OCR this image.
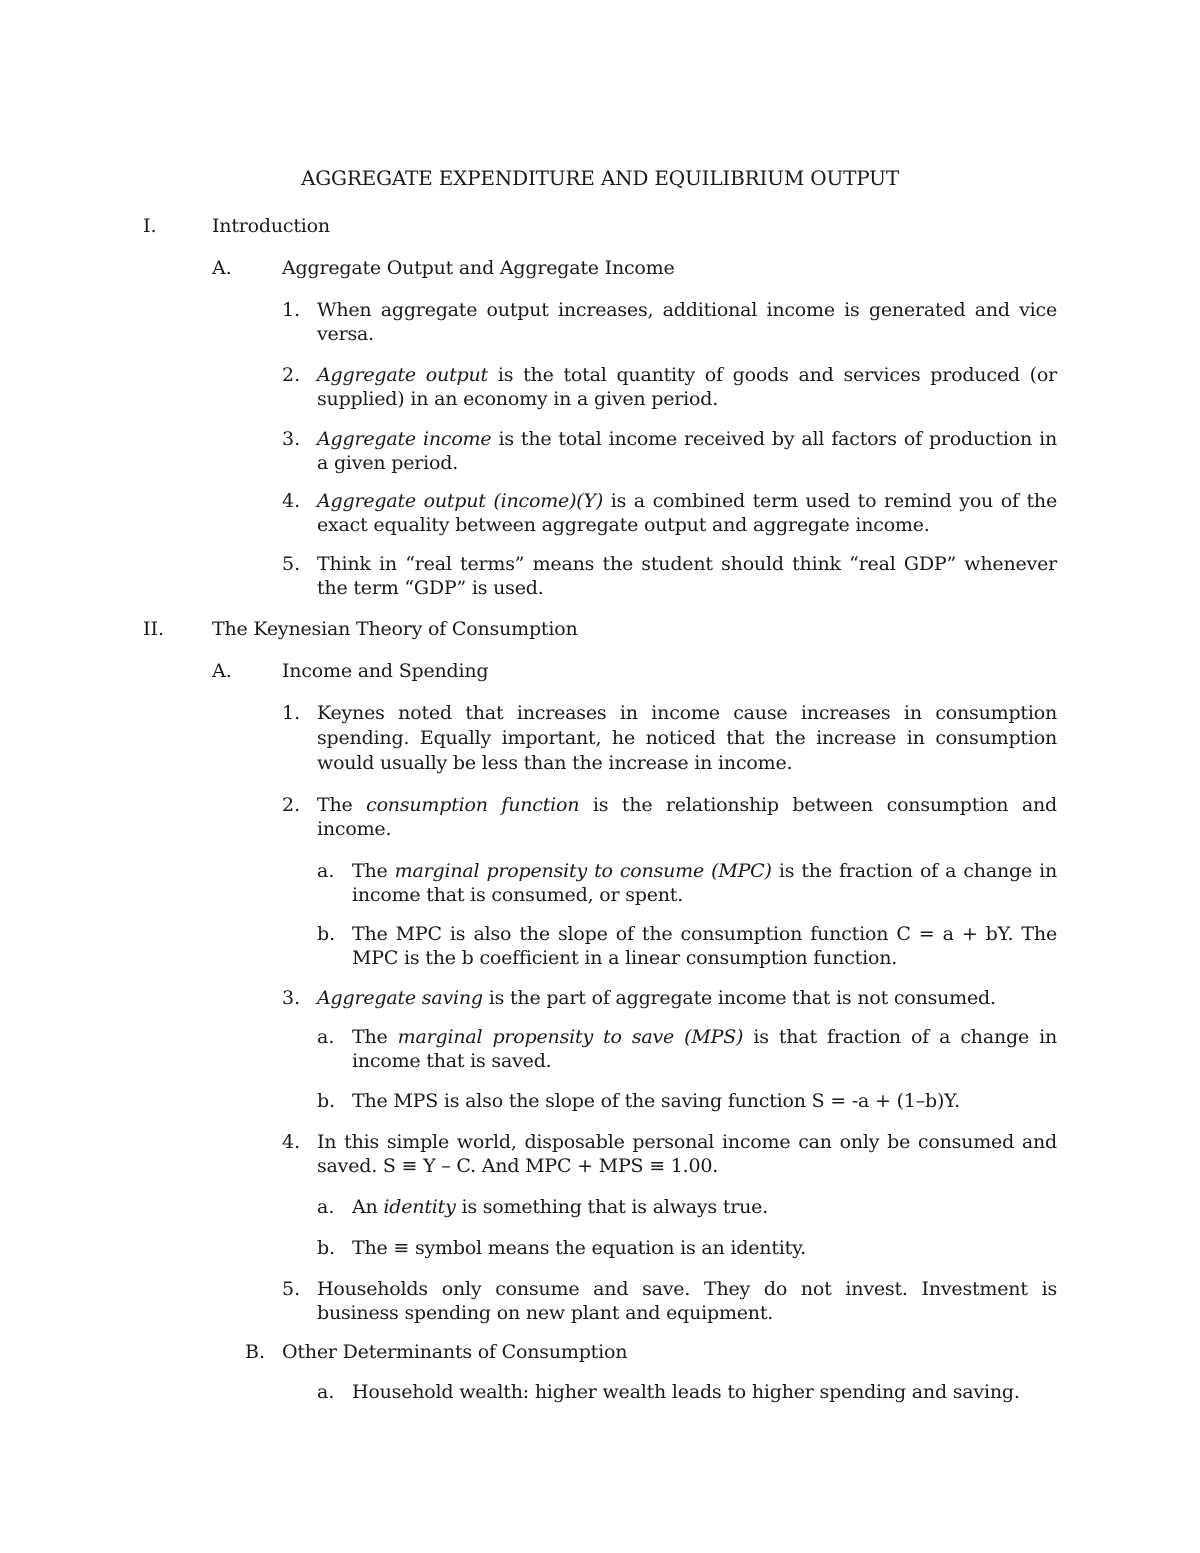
AGGREGATE EXPENDITURE AND EQUILIBRIUM OUTPUT

I.	Introduction

A.	Aggregate Output and Aggregate Income

1. When aggregate output increases, additional income is generated and vice versa.

2. Aggregate output is the total quantity of goods and services produced (or supplied) in an economy in a given period.

3. Aggregate income is the total income received by all factors of production in a given period.

4. Aggregate output (income)(Y) is a combined term used to remind you of the exact equality between aggregate output and aggregate income.

5. Think in “real terms” means the student should think “real GDP” whenever the term “GDP” is used.

II.	The Keynesian Theory of Consumption

A.	Income and Spending

1. Keynes noted that increases in income cause increases in consumption spending. Equally important, he noticed that the increase in consumption would usually be less than the increase in income.

2. The consumption function is the relationship between consumption and income.

a. The marginal propensity to consume (MPC) is the fraction of a change in income that is consumed, or spent.

b. The MPC is also the slope of the consumption function C = a + bY. The MPC is the b coefficient in a linear consumption function.

3. Aggregate saving is the part of aggregate income that is not consumed.

a. The marginal propensity to save (MPS) is that fraction of a change in income that is saved.

b. The MPS is also the slope of the saving function S = -a + (1–b)Y.

4. In this simple world, disposable personal income can only be consumed and saved. S ≡ Y – C. And MPC + MPS ≡ 1.00.

a. An identity is something that is always true.

b. The ≡ symbol means the equation is an identity.

5. Households only consume and save. They do not invest. Investment is business spending on new plant and equipment.

B. Other Determinants of Consumption

a. Household wealth: higher wealth leads to higher spending and saving.
